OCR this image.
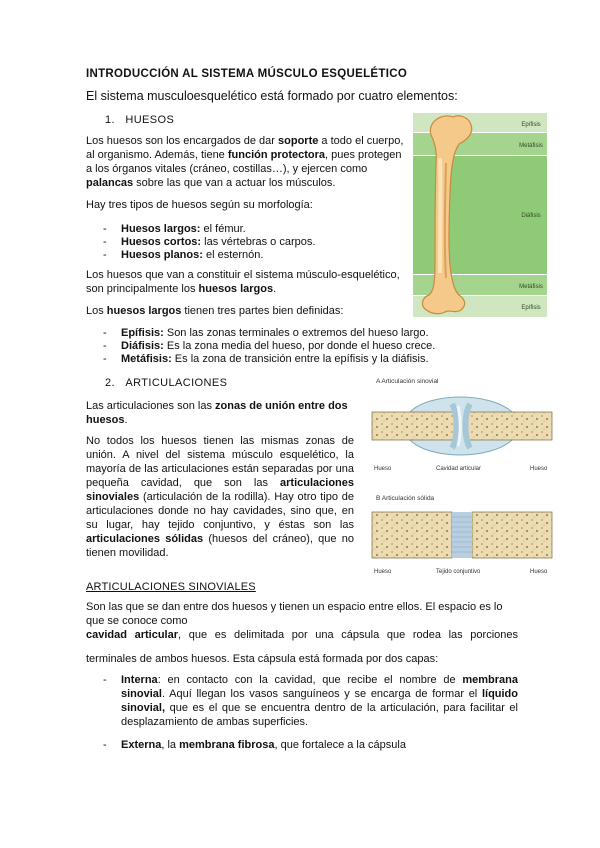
INTRODUCCIÓN AL SISTEMA MÚSCULO ESQUELÉTICO
El sistema musculoesquelético está formado por cuatro elementos:
1. HUESOS
Los huesos son los encargados de dar soporte a todo el cuerpo, al organismo. Además, tiene función protectora, pues protegen a los órganos vitales (cráneo, costillas…), y ejercen como palancas sobre las que van a actuar los músculos.
Hay tres tipos de huesos según su morfología:
- Huesos largos: el fémur.
- Huesos cortos: las vértebras o carpos.
- Huesos planos: el esternón.
Los huesos que van a constituir el sistema músculo-esquelético, son principalmente los huesos largos.
Los huesos largos tienen tres partes bien definidas:
- Epífisis: Son las zonas terminales o extremos del hueso largo.
- Diáfisis: Es la zona media del hueso, por donde el hueso crece.
- Metáfisis: Es la zona de transición entre la epífisis y la diáfisis.
Epífisis
Metáfisis
Diáfisis
Metáfisis
Epífisis
2. ARTICULACIONES
Las articulaciones son las zonas de unión entre dos huesos.
No todos los huesos tienen las mismas zonas de unión. A nivel del sistema músculo esquelético, la mayoría de las articulaciones están separadas por una pequeña cavidad, que son las articulaciones sinoviales (articulación de la rodilla). Hay otro tipo de articulaciones donde no hay cavidades, sino que, en su lugar, hay tejido conjuntivo, y éstas son las articulaciones sólidas (huesos del cráneo), que no tienen movilidad.
A Articulación sinovial
Hueso	Cavidad articular	Hueso
B Articulación sólida
Hueso	Tejido conjuntivo	Hueso
ARTICULACIONES SINOVIALES
Son las que se dan entre dos huesos y tienen un espacio entre ellos. El espacio es lo que se conoce como
cavidad articular, que es delimitada por una cápsula que rodea las porciones
terminales de ambos huesos. Esta cápsula está formada por dos capas:
- Interna: en contacto con la cavidad, que recibe el nombre de membrana sinovial. Aquí llegan los vasos sanguíneos y se encarga de formar el líquido sinovial, que es el que se encuentra dentro de la articulación, para facilitar el desplazamiento de ambas superficies.
- Externa, la membrana fibrosa, que fortalece a la cápsula
